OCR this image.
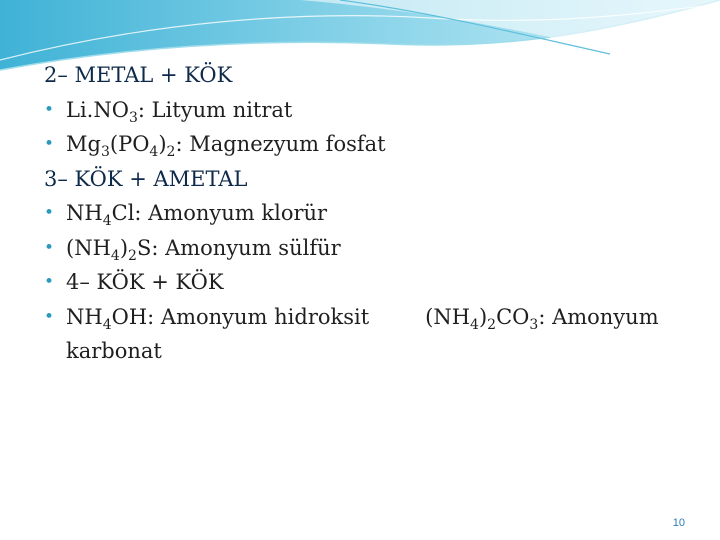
2– METAL + KÖK
• $Li.NO_3$: Lityum nitrat
• $Mg_3(PO_4)_2$: Magnezyum fosfat
3– KÖK + AMETAL
• $NH_4Cl$: Amonyum klorür
• $(NH_4)_2S$: Amonyum sülfür
• 4– KÖK + KÖK
• $NH_4OH$: Amonyum hidroksit	$(NH_4)_2CO_3$: Amonyum
karbonat
10
